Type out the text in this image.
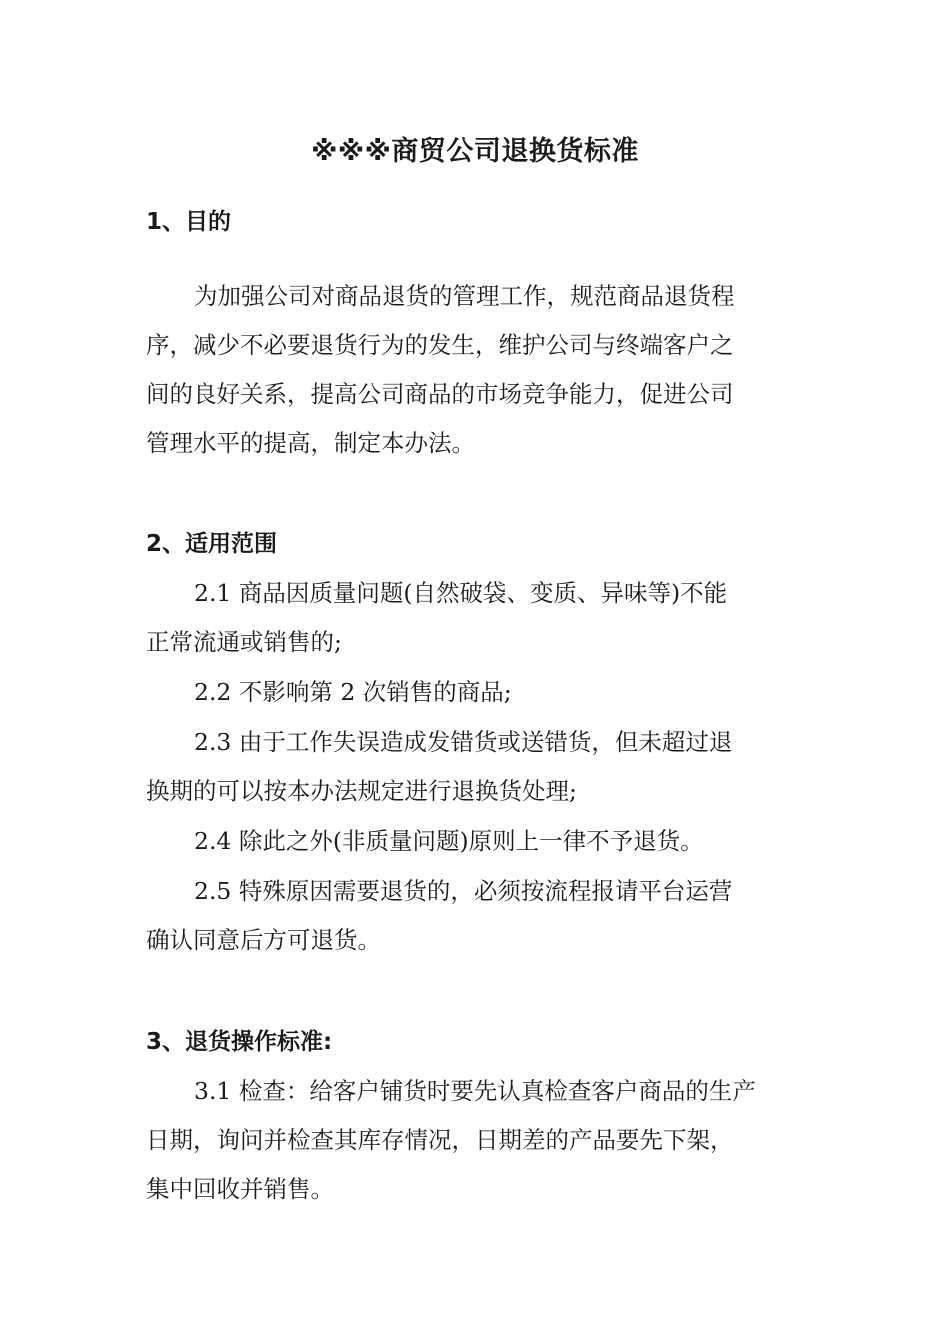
※※※商贸公司退换货标准
1、目的
为加强公司对商品退货的管理工作，规范商品退货程
序，减少不必要退货行为的发生，维护公司与终端客户之
间的良好关系，提高公司商品的市场竞争能力，促进公司
管理水平的提高，制定本办法。
2、适用范围
2.1 商品因质量问题(自然破袋、变质、异味等)不能
正常流通或销售的;
2.2 不影响第 2 次销售的商品;
2.3 由于工作失误造成发错货或送错货，但未超过退
换期的可以按本办法规定进行退换货处理;
2.4 除此之外(非质量问题)原则上一律不予退货。
2.5 特殊原因需要退货的，必须按流程报请平台运营
确认同意后方可退货。
3、退货操作标准:
3.1 检查：给客户铺货时要先认真检查客户商品的生产
日期，询问并检查其库存情况，日期差的产品要先下架，
集中回收并销售。
